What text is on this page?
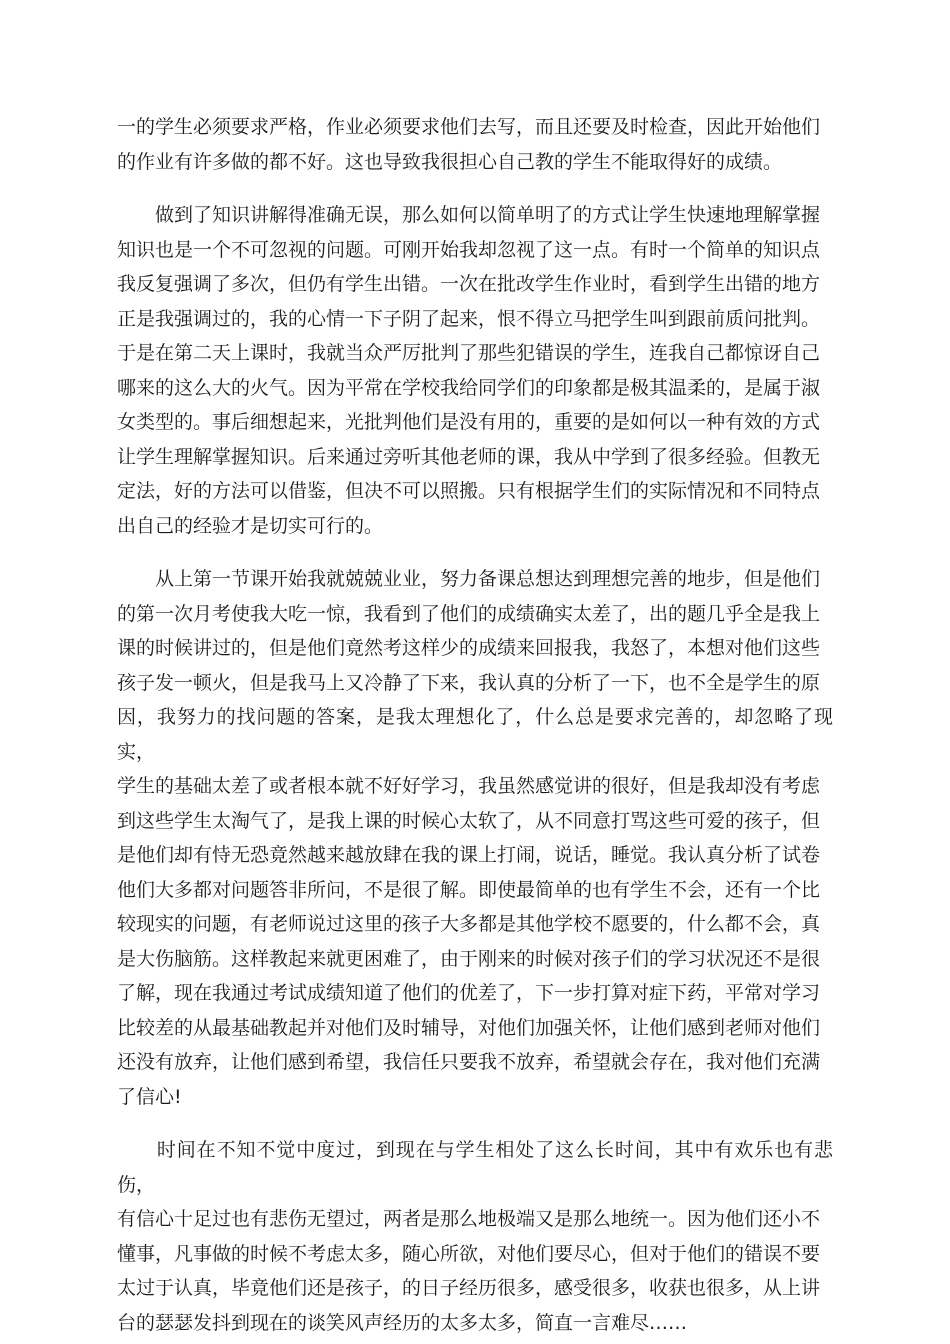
一的学生必须要求严格，作业必须要求他们去写，而且还要及时检查，因此开始他们
的作业有许多做的都不好。这也导致我很担心自己教的学生不能取得好的成绩。

　　做到了知识讲解得准确无误，那么如何以简单明了的方式让学生快速地理解掌握
知识也是一个不可忽视的问题。可刚开始我却忽视了这一点。有时一个简单的知识点
我反复强调了多次，但仍有学生出错。一次在批改学生作业时，看到学生出错的地方
正是我强调过的，我的心情一下子阴了起来，恨不得立马把学生叫到跟前质问批判。
于是在第二天上课时，我就当众严厉批判了那些犯错误的学生，连我自己都惊讶自己
哪来的这么大的火气。因为平常在学校我给同学们的印象都是极其温柔的，是属于淑
女类型的。事后细想起来，光批判他们是没有用的，重要的是如何以一种有效的方式
让学生理解掌握知识。后来通过旁听其他老师的课，我从中学到了很多经验。但教无
定法，好的方法可以借鉴，但决不可以照搬。只有根据学生们的实际情况和不同特点
出自己的经验才是切实可行的。

　　从上第一节课开始我就兢兢业业，努力备课总想达到理想完善的地步，但是他们
的第一次月考使我大吃一惊，我看到了他们的成绩确实太差了，出的题几乎全是我上
课的时候讲过的，但是他们竟然考这样少的成绩来回报我，我怒了，本想对他们这些
孩子发一顿火，但是我马上又冷静了下来，我认真的分析了一下，也不全是学生的原
因，我努力的找问题的答案，是我太理想化了，什么总是要求完善的，却忽略了现实，
学生的基础太差了或者根本就不好好学习，我虽然感觉讲的很好，但是我却没有考虑
到这些学生太淘气了，是我上课的时候心太软了，从不同意打骂这些可爱的孩子，但
是他们却有恃无恐竟然越来越放肆在我的课上打闹，说话，睡觉。我认真分析了试卷
他们大多都对问题答非所问，不是很了解。即使最简单的也有学生不会，还有一个比
较现实的问题，有老师说过这里的孩子大多都是其他学校不愿要的，什么都不会，真
是大伤脑筋。这样教起来就更困难了，由于刚来的时候对孩子们的学习状况还不是很
了解，现在我通过考试成绩知道了他们的优差了，下一步打算对症下药，平常对学习
比较差的从最基础教起并对他们及时辅导，对他们加强关怀，让他们感到老师对他们
还没有放弃，让他们感到希望，我信任只要我不放弃，希望就会存在，我对他们充满
了信心!

　　时间在不知不觉中度过，到现在与学生相处了这么长时间，其中有欢乐也有悲伤，
有信心十足过也有悲伤无望过，两者是那么地极端又是那么地统一。因为他们还小不
懂事，凡事做的时候不考虑太多，随心所欲，对他们要尽心，但对于他们的错误不要
太过于认真，毕竟他们还是孩子，的日子经历很多，感受很多，收获也很多，从上讲
台的瑟瑟发抖到现在的谈笑风声经历的太多太多，简直一言难尽……
